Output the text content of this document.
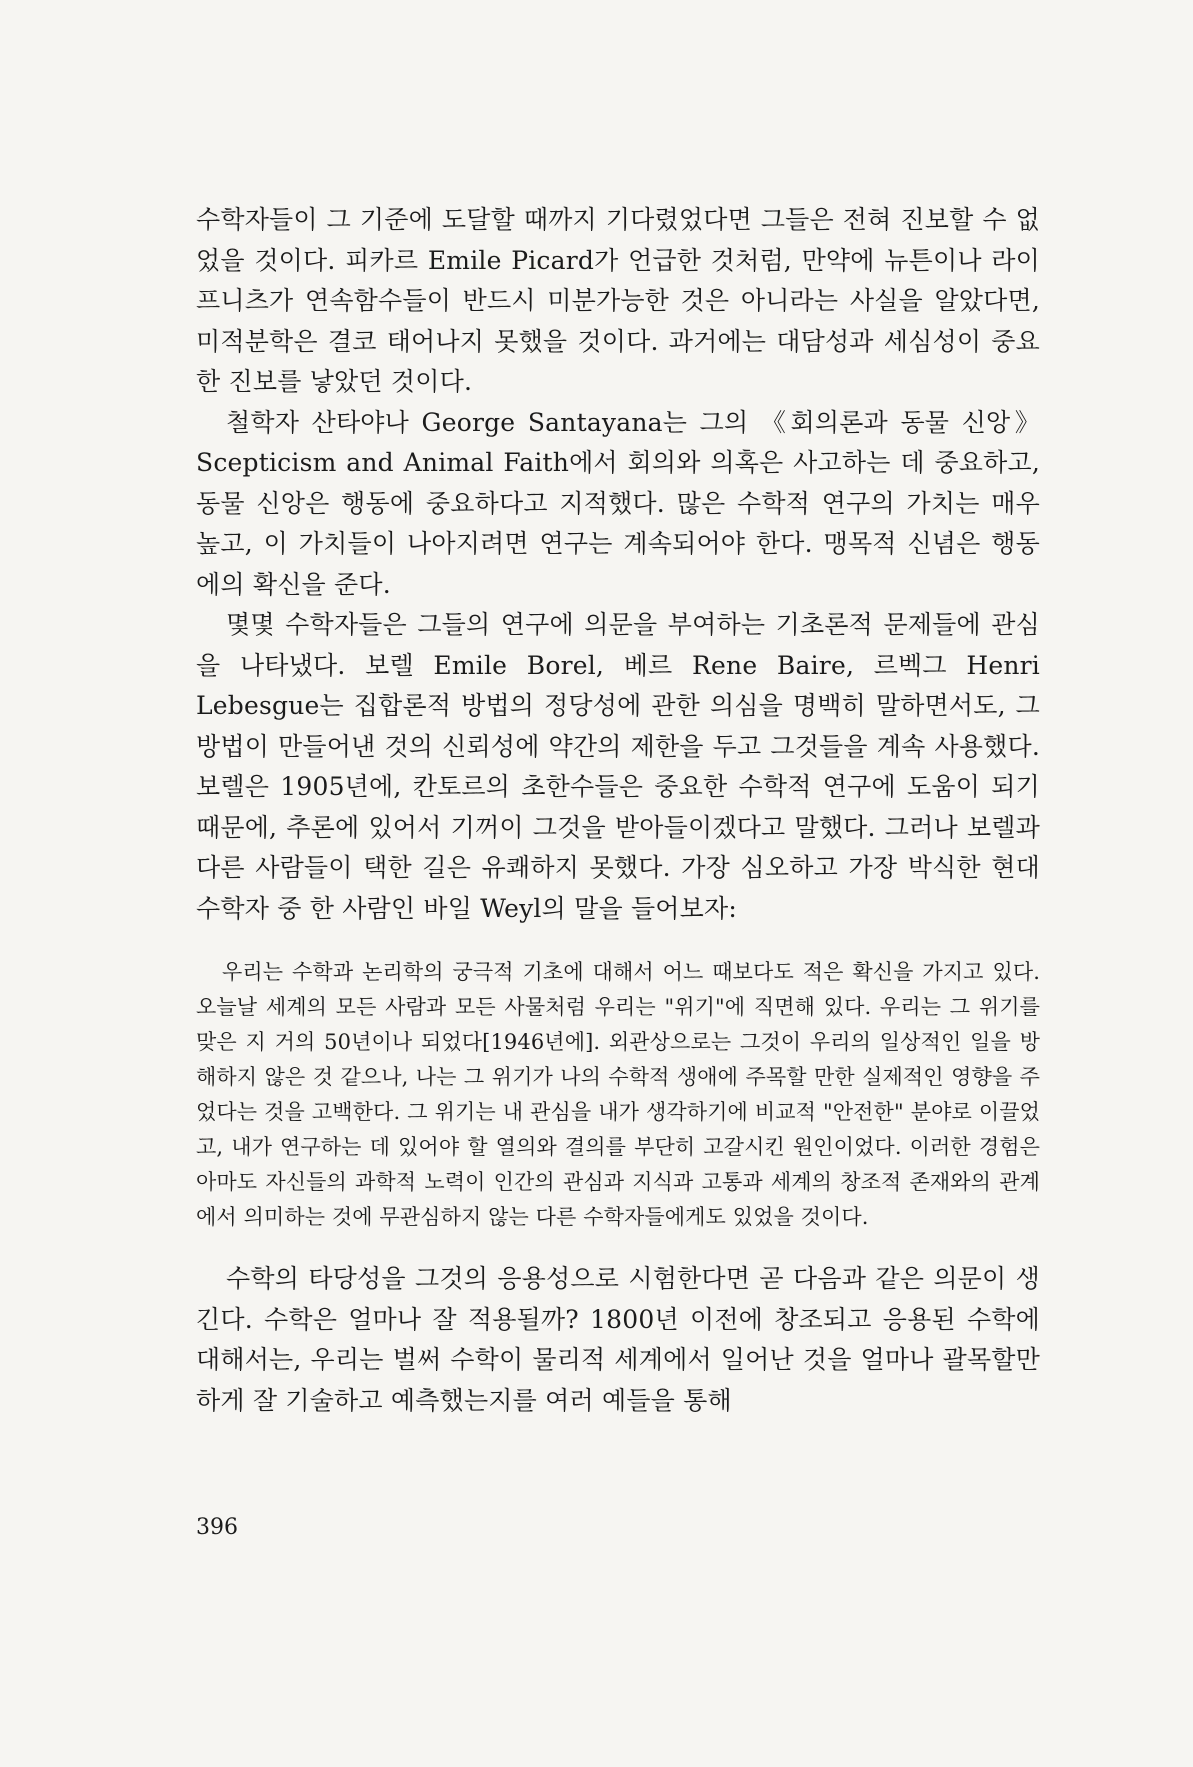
수학자들이 그 기준에 도달할 때까지 기다렸었다면 그들은 전혀 진보할 수 없었을 것이다. 피카르 Emile Picard가 언급한 것처럼, 만약에 뉴튼이나 라이프니츠가 연속함수들이 반드시 미분가능한 것은 아니라는 사실을 알았다면, 미적분학은 결코 태어나지 못했을 것이다. 과거에는 대담성과 세심성이 중요한 진보를 낳았던 것이다.

철학자 산타야나 George Santayana는 그의 《회의론과 동물 신앙》 Scepticism and Animal Faith에서 회의와 의혹은 사고하는 데 중요하고, 동물 신앙은 행동에 중요하다고 지적했다. 많은 수학적 연구의 가치는 매우 높고, 이 가치들이 나아지려면 연구는 계속되어야 한다. 맹목적 신념은 행동에의 확신을 준다.

몇몇 수학자들은 그들의 연구에 의문을 부여하는 기초론적 문제들에 관심을 나타냈다. 보렐 Emile Borel, 베르 Rene Baire, 르벡그 Henri Lebesgue는 집합론적 방법의 정당성에 관한 의심을 명백히 말하면서도, 그 방법이 만들어낸 것의 신뢰성에 약간의 제한을 두고 그것들을 계속 사용했다. 보렐은 1905년에, 칸토르의 초한수들은 중요한 수학적 연구에 도움이 되기 때문에, 추론에 있어서 기꺼이 그것을 받아들이겠다고 말했다. 그러나 보렐과 다른 사람들이 택한 길은 유쾌하지 못했다. 가장 심오하고 가장 박식한 현대 수학자 중 한 사람인 바일 Weyl의 말을 들어보자:

우리는 수학과 논리학의 궁극적 기초에 대해서 어느 때보다도 적은 확신을 가지고 있다. 오늘날 세계의 모든 사람과 모든 사물처럼 우리는 "위기"에 직면해 있다. 우리는 그 위기를 맞은 지 거의 50년이나 되었다[1946년에]. 외관상으로는 그것이 우리의 일상적인 일을 방해하지 않은 것 같으나, 나는 그 위기가 나의 수학적 생애에 주목할 만한 실제적인 영향을 주었다는 것을 고백한다. 그 위기는 내 관심을 내가 생각하기에 비교적 "안전한" 분야로 이끌었고, 내가 연구하는 데 있어야 할 열의와 결의를 부단히 고갈시킨 원인이었다. 이러한 경험은 아마도 자신들의 과학적 노력이 인간의 관심과 지식과 고통과 세계의 창조적 존재와의 관계에서 의미하는 것에 무관심하지 않는 다른 수학자들에게도 있었을 것이다.

수학의 타당성을 그것의 응용성으로 시험한다면 곧 다음과 같은 의문이 생긴다. 수학은 얼마나 잘 적용될까? 1800년 이전에 창조되고 응용된 수학에 대해서는, 우리는 벌써 수학이 물리적 세계에서 일어난 것을 얼마나 괄목할만 하게 잘 기술하고 예측했는지를 여러 예들을 통해

396
